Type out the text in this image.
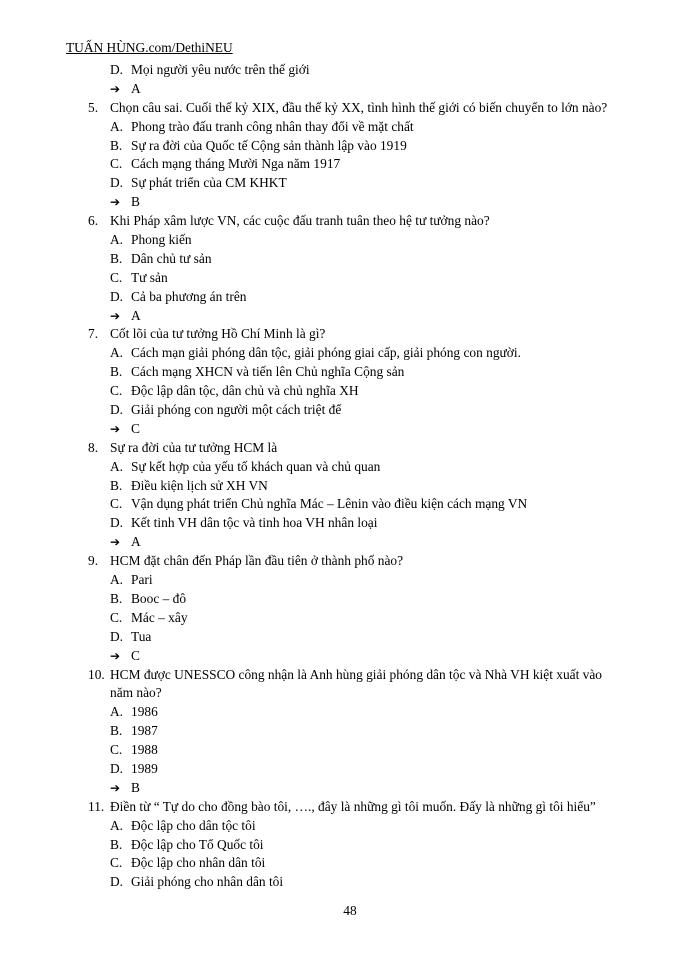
TUẤN HÙNG.com/DethiNEU
D. Mọi người yêu nước trên thế giới
➔ A
5. Chọn câu sai. Cuối thế kỷ XIX, đầu thế kỷ XX, tình hình thế giới có biến chuyển to lớn nào?
A. Phong trào đấu tranh công nhân thay đổi về mặt chất
B. Sự ra đời của Quốc tế Cộng sản thành lập vào 1919
C. Cách mạng tháng Mười Nga năm 1917
D. Sự phát triển của CM KHKT
➔ B
6. Khi Pháp xâm lược VN, các cuộc đấu tranh tuân theo hệ tư tưởng nào?
A. Phong kiến
B. Dân chủ tư sản
C. Tư sản
D. Cả ba phương án trên
➔ A
7. Cốt lõi của tư tưởng Hồ Chí Minh là gì?
A. Cách mạn giải phóng dân tộc, giải phóng giai cấp, giải phóng con người.
B. Cách mạng XHCN và tiến lên Chủ nghĩa Cộng sản
C. Độc lập dân tộc, dân chủ và chủ nghĩa XH
D. Giải phóng con người một cách triệt để
➔ C
8. Sự ra đời của tư tưởng HCM là
A. Sự kết hợp của yếu tố khách quan và chủ quan
B. Điều kiện lịch sử XH VN
C. Vận dụng phát triển Chủ nghĩa Mác – Lênin vào điều kiện cách mạng VN
D. Kết tinh VH dân tộc và tinh hoa VH nhân loại
➔ A
9. HCM đặt chân đến Pháp lần đầu tiên ở thành phố nào?
A. Pari
B. Booc – đô
C. Mác – xây
D. Tua
➔ C
10. HCM được UNESSCO công nhận là Anh hùng giải phóng dân tộc và Nhà VH kiệt xuất vào
năm nào?
A. 1986
B. 1987
C. 1988
D. 1989
➔ B
11. Điền từ “ Tự do cho đồng bào tôi, …., đây là những gì tôi muốn. Đấy là những gì tôi hiểu”
A. Độc lập cho dân tộc tôi
B. Độc lập cho Tổ Quốc tôi
C. Độc lập cho nhân dân tôi
D. Giải phóng cho nhân dân tôi
48
